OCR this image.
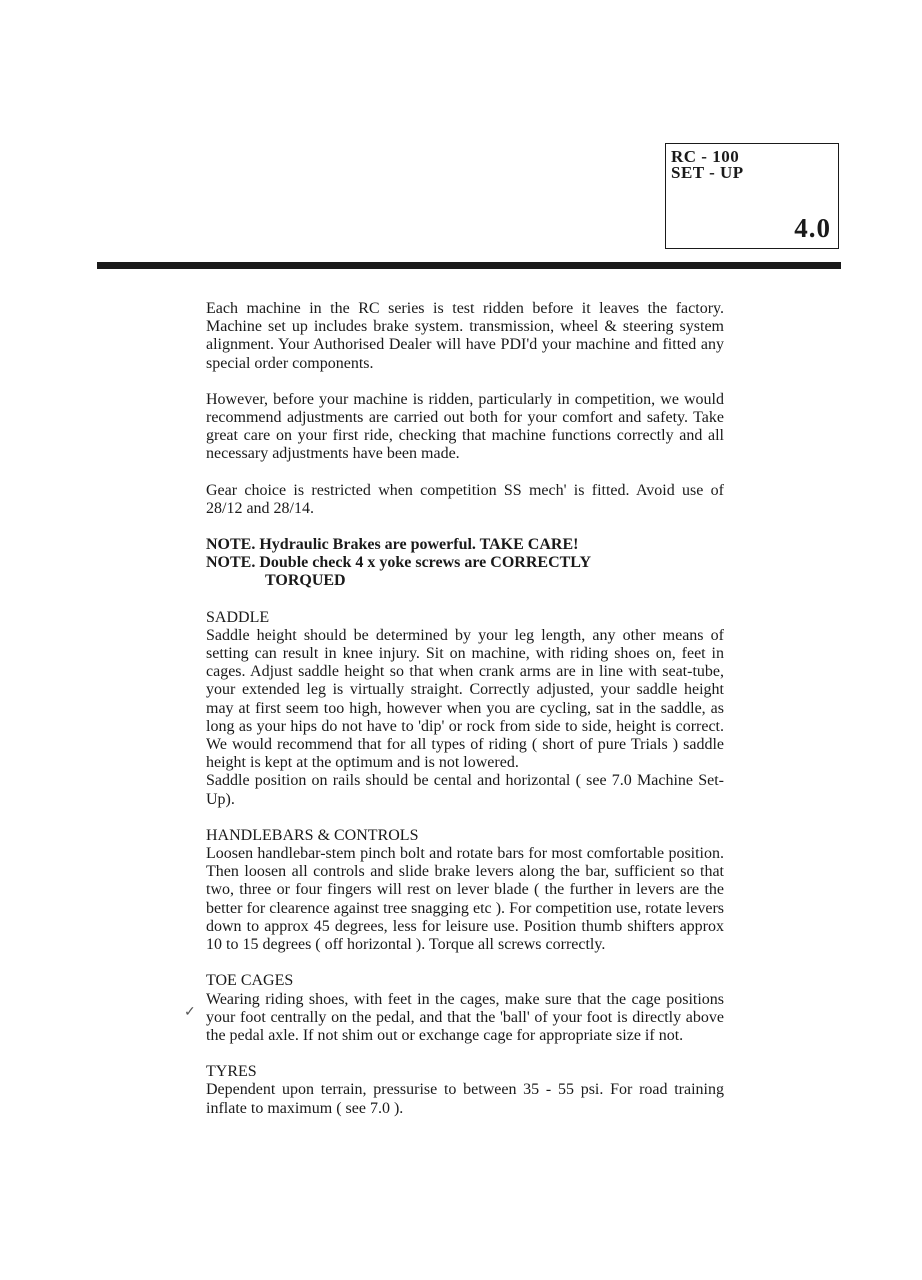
RC - 100
SET - UP
4.0
✓

Each machine in the RC series is test ridden before it leaves the factory. Machine set up includes brake system. transmission, wheel & steering system alignment. Your Authorised Dealer will have PDI'd your machine and fitted any special order components.

However, before your machine is ridden, particularly in competition, we would recommend adjustments are carried out both for your comfort and safety. Take great care on your first ride, checking that machine functions correctly and all necessary adjustments have been made.

Gear choice is restricted when competition SS mech' is fitted. Avoid use of 28/12 and 28/14.

NOTE. Hydraulic Brakes are powerful. TAKE CARE!

NOTE. Double check 4 x yoke screws are CORRECTLY

TORQUED

SADDLE

Saddle height should be determined by your leg length, any other means of setting can result in knee injury. Sit on machine, with riding shoes on, feet in cages. Adjust saddle height so that when crank arms are in line with seat-tube, your extended leg is virtually straight. Correctly adjusted, your saddle height may at first seem too high, however when you are cycling, sat in the saddle, as long as your hips do not have to 'dip' or rock from side to side, height is correct. We would recommend that for all types of riding ( short of pure Trials ) saddle height is kept at the optimum and is not lowered.

Saddle position on rails should be cental and horizontal ( see 7.0 Machine Set-Up).

HANDLEBARS & CONTROLS

Loosen handlebar-stem pinch bolt and rotate bars for most comfortable position. Then loosen all controls and slide brake levers along the bar, sufficient so that two, three or four fingers will rest on lever blade ( the further in levers are the better for clearence against tree snagging etc ). For competition use, rotate levers down to approx 45 degrees, less for leisure use. Position thumb shifters approx 10 to 15 degrees ( off horizontal ). Torque all screws correctly.

TOE CAGES

Wearing riding shoes, with feet in the cages, make sure that the cage positions your foot centrally on the pedal, and that the 'ball' of your foot is directly above the pedal axle. If not shim out or exchange cage for appropriate size if not.

TYRES

Dependent upon terrain, pressurise to between 35 - 55 psi. For road training inflate to maximum ( see 7.0 ).
